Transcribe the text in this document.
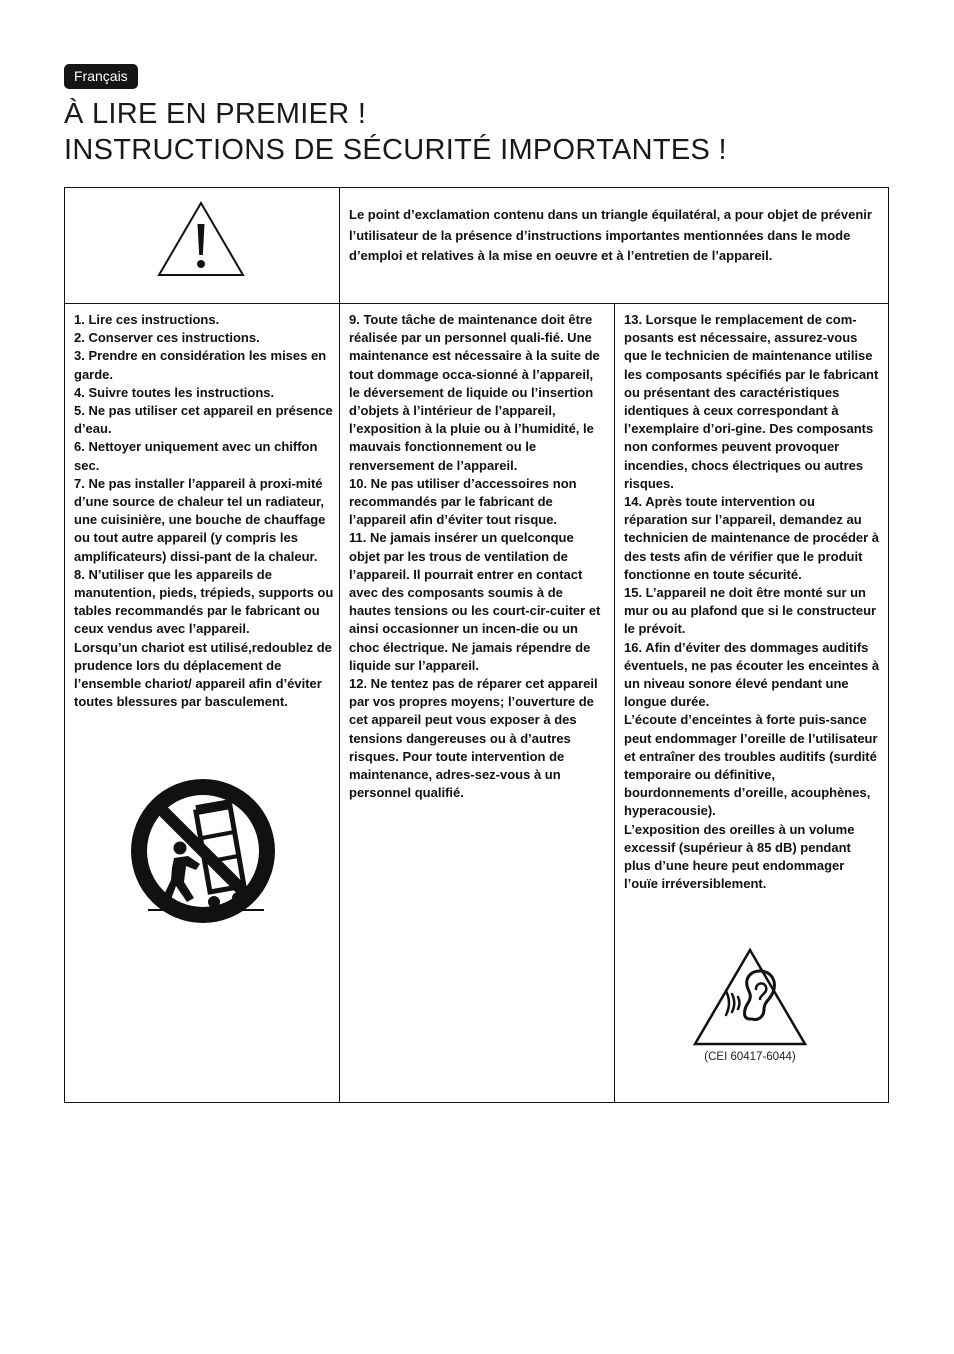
Français
À LIRE EN PREMIER !
INSTRUCTIONS DE SÉCURITÉ IMPORTANTES !
Le point d’exclamation contenu dans un triangle équilatéral, a pour objet de prévenir l’utilisateur de la présence d’instructions importantes mentionnées dans le mode d’emploi et relatives à la mise en oeuvre et à l’entretien de l’appareil.

1. Lire ces instructions.

2. Conserver ces instructions.

3. Prendre en considération les mises en garde.

4. Suivre toutes les instructions.

5. Ne pas utiliser cet appareil en présence d’eau.

6. Nettoyer uniquement avec un chiffon sec.

7. Ne pas installer l’appareil à proxi-mité d’une source de chaleur tel un radiateur, une cuisinière, une bouche de chauffage ou tout autre appareil (y compris les amplificateurs) dissi-pant de la chaleur.

8. N’utiliser que les appareils de manutention, pieds, trépieds, supports ou tables recommandés par le fabricant ou ceux vendus avec l’appareil.

Lorsqu’un chariot est utilisé,redoublez de prudence lors du déplacement de l’ensemble chariot/ appareil afin d’éviter toutes blessures par basculement.

9. Toute tâche de maintenance doit être réalisée par un personnel quali-fié. Une maintenance est nécessaire à la suite de tout dommage occa-sionné à l’appareil, le déversement de liquide ou l’insertion d’objets à l’intérieur de l’appareil, l’exposition à la pluie ou à l’humidité, le mauvais fonctionnement ou le renversement de l’appareil.

10. Ne pas utiliser d’accessoires non recommandés par le fabricant de l’appareil afin d’éviter tout risque.

11. Ne jamais insérer un quelconque objet par les trous de ventilation de l’appareil. Il pourrait entrer en contact avec des composants soumis à de hautes tensions ou les court-cir-cuiter et ainsi occasionner un incen-die ou un choc électrique. Ne jamais répendre de liquide sur l’appareil.

12. Ne tentez pas de réparer cet appareil par vos propres moyens; l’ouverture de cet appareil peut vous exposer à des tensions dangereuses ou à d’autres risques. Pour toute intervention de maintenance, adres-sez-vous à un personnel qualifié.

13. Lorsque le remplacement de com-posants est nécessaire, assurez-vous que le technicien de maintenance utilise les composants spécifiés par le fabricant ou présentant des caractéristiques identiques à ceux correspondant à l’exemplaire d’ori-gine. Des composants non conformes peuvent provoquer incendies, chocs électriques ou autres risques.

14. Après toute intervention ou réparation sur l’appareil, demandez au technicien de maintenance de procéder à des tests afin de vérifier que le produit fonctionne en toute sécurité.

15. L’appareil ne doit être monté sur un mur ou au plafond que si le constructeur le prévoit.

16. Afin d’éviter des dommages auditifs éventuels, ne pas écouter les enceintes à un niveau sonore élevé pendant une longue durée.

L’écoute d’enceintes à forte puis-sance peut endommager l’oreille de l’utilisateur et entraîner des troubles auditifs (surdité temporaire ou définitive, bourdonnements d’oreille, acouphènes, hyperacousie).

L’exposition des oreilles à un volume excessif (supérieur à 85 dB) pendant plus d’une heure peut endommager l’ouïe irréversiblement.

(CEI 60417-6044)
